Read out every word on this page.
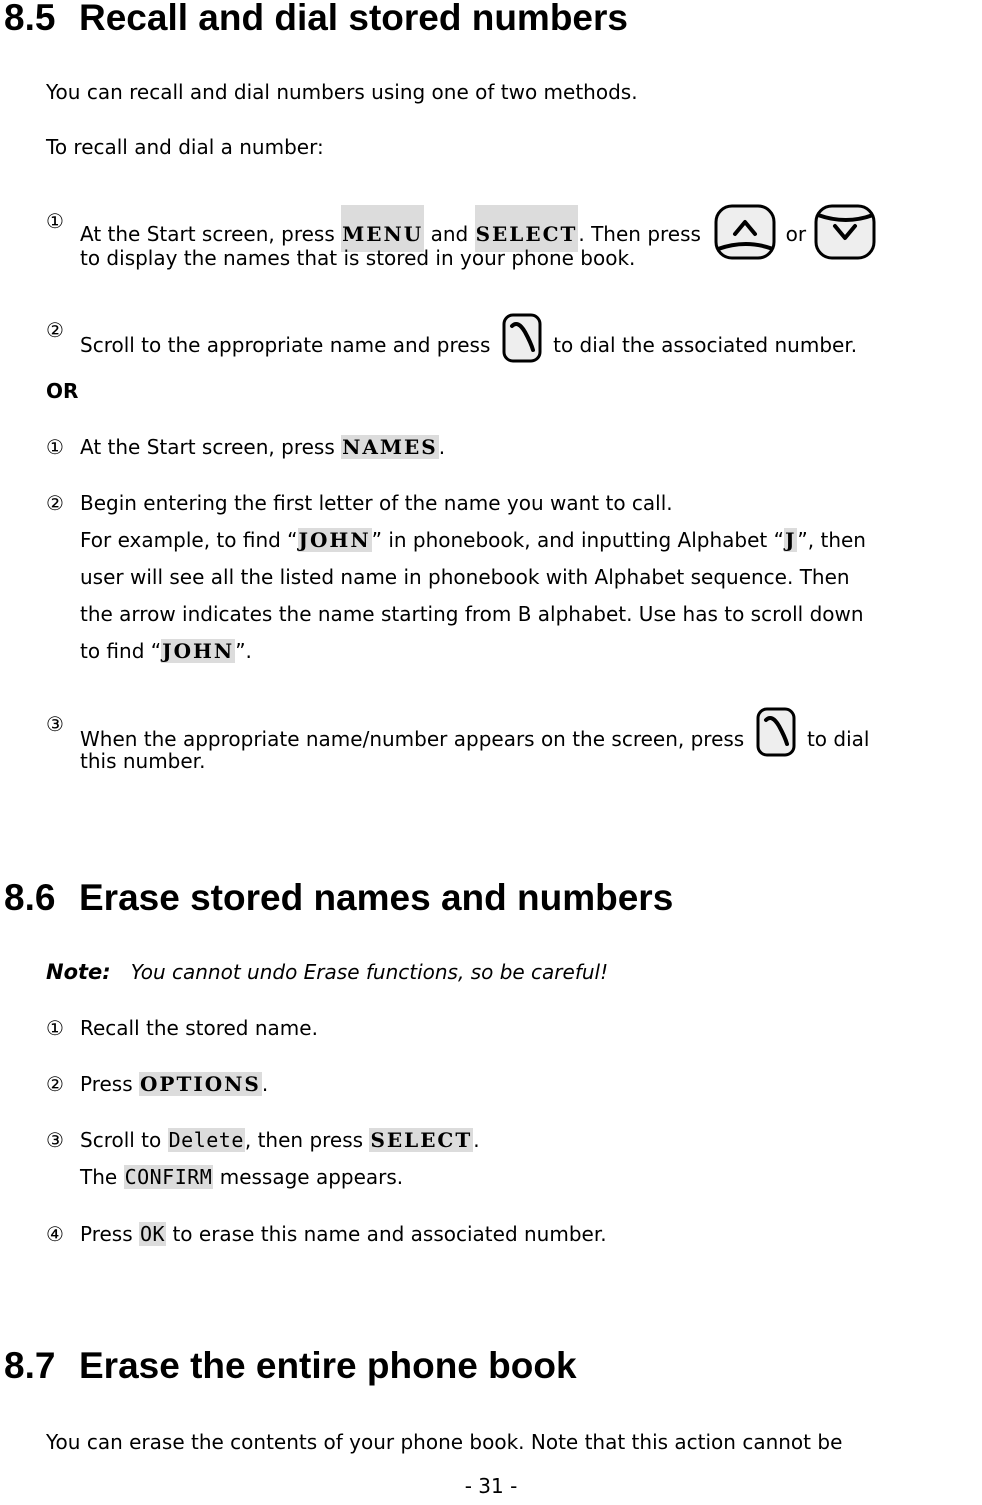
8.5 Recall and dial stored numbers
You can recall and dial numbers using one of two methods.
To recall and dial a number:
①
At the Start screen, press MENU and SELECT. Then press	or
to display the names that is stored in your phone book.
②
Scroll to the appropriate name and press	to dial the associated number.
OR
① At the Start screen, press NAMES.
② Begin entering the first letter of the name you want to call.
For example, to find “JOHN” in phonebook, and inputting Alphabet “J”, then
user will see all the listed name in phonebook with Alphabet sequence. Then
the arrow indicates the name starting from B alphabet. Use has to scroll down
to find “JOHN”.
③
When the appropriate name/number appears on the screen, press	to dial
this number.
8.6 Erase stored names and numbers
Note: You cannot undo Erase functions, so be careful!
① Recall the stored name.
② Press OPTIONS.
③ Scroll to Delete, then press SELECT.
The CONFIRM message appears.
④ Press OK to erase this name and associated number.
8.7 Erase the entire phone book
You can erase the contents of your phone book. Note that this action cannot be
- 31 -
